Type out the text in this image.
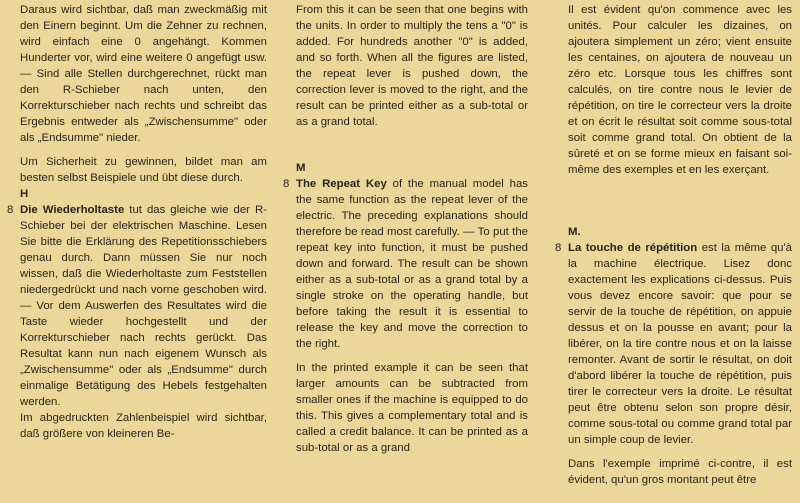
Daraus wird sichtbar, daß man zweckmäßig mit den Einern beginnt. Um die Zehner zu rechnen, wird einfach eine 0 angehängt. Kommen Hunderter vor, wird eine weitere 0 angefügt usw. — Sind alle Stellen durchgerechnet, rückt man den R-Schieber nach unten, den Korrekturschieber nach rechts und schreibt das Ergebnis entweder als „Zwischensumme" oder als „Endsumme" nieder.

Um Sicherheit zu gewinnen, bildet man am besten selbst Beispiele und übt diese durch.

H

8 Die Wiederholtaste tut das gleiche wie der R-Schieber bei der elektrischen Maschine. Lesen Sie bitte die Erklärung des Repetitionsschiebers genau durch. Dann müssen Sie nur noch wissen, daß die Wiederholtaste zum Feststellen niedergedrückt und nach vorne geschoben wird. — Vor dem Auswerfen des Resultates wird die Taste wieder hochgestellt und der Korrekturschieber nach rechts gerückt. Das Resultat kann nun nach eigenem Wunsch als „Zwischensumme" oder als „Endsumme" durch einmalige Betätigung des Hebels festgehalten werden.

Im abgedruckten Zahlenbeispiel wird sichtbar, daß größere von kleineren Be-

From this it can be seen that one begins with the units. In order to multiply the tens a "0" is added. For hundreds another "0" is added, and so forth. When all the figures are listed, the repeat lever is pushed down, the correction lever is moved to the right, and the result can be printed either as a sub-total or as a grand total.

M

8 The Repeat Key of the manual model has the same function as the repeat lever of the electric. The preceding explanations should therefore be read most carefully. — To put the repeat key into function, it must be pushed down and forward. The result can be shown either as a sub-total or as a grand total by a single stroke on the operating handle, but before taking the result it is essential to release the key and move the correction to the right.

In the printed example it can be seen that larger amounts can be subtracted from smaller ones if the machine is equipped to do this. This gives a complementary total and is called a credit balance. It can be printed as a sub-total or as a grand

Il est évident qu'on commence avec les unités. Pour calculer les dizaines, on ajoutera simplement un zéro; vient ensuite les centaines, on ajoutera de nouveau un zéro etc. Lorsque tous les chiffres sont calculés, on tire contre nous le levier de répétition, on tire le correcteur vers la droite et on écrit le résultat soit comme sous-total soit comme grand total. On obtient de la sûreté et on se forme mieux en faisant soi-même des exemples et en les exerçant.

M.

8 La touche de répétition est la même qu'à la machine électrique. Lisez donc exactement les explications ci-dessus. Puis vous devez encore savoir: que pour se servir de la touche de répétition, on appuie dessus et on la pousse en avant; pour la libérer, on la tire contre nous et on la laisse remonter. Avant de sortir le résultat, on doit d'abord libérer la touche de répétition, puis tirer le correcteur vers la droite. Le résultat peut être obtenu selon son propre désir, comme sous-total ou comme grand total par un simple coup de levier.

Dans l'exemple imprimé ci-contre, il est évident, qu'un gros montant peut être
